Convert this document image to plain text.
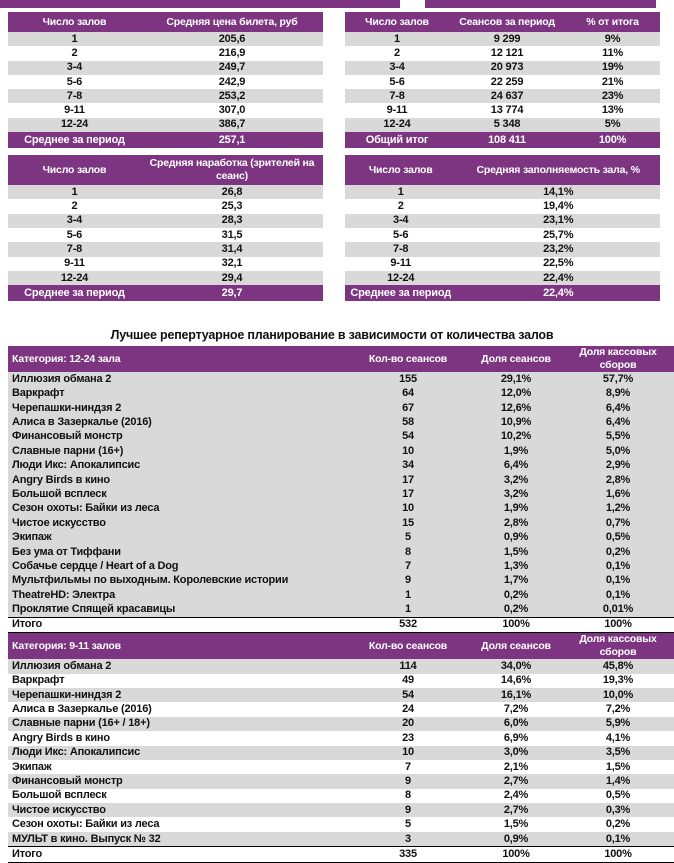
Число залов	Средняя цена билета, руб
1	205,6
2	216,9
3-4	249,7
5-6	242,9
7-8	253,2
9-11	307,0
12-24	386,7
Среднее за период	257,1
Число залов	Сеансов за период	% от итога
1	9 299	9%
2	12 121	11%
3-4	20 973	19%
5-6	22 259	21%
7-8	24 637	23%
9-11	13 774	13%
12-24	5 348	5%
Общий итог	108 411	100%
Число залов	Средняя наработка (зрителей на сеанс)
1	26,8
2	25,3
3-4	28,3
5-6	31,5
7-8	31,4
9-11	32,1
12-24	29,4
Среднее за период	29,7
Число залов	Средняя заполняемость зала, %
1	14,1%
2	19,4%
3-4	23,1%
5-6	25,7%
7-8	23,2%
9-11	22,5%
12-24	22,4%
Среднее за период	22,4%
Лучшее репертуарное планирование в зависимости от количества залов
Категория: 12-24 зала	Кол-во сеансов	Доля сеансов	Доля кассовых сборов
Иллюзия обмана 2	155	29,1%	57,7%
Варкрафт	64	12,0%	8,9%
Черепашки-ниндзя 2	67	12,6%	6,4%
Алиса в Зазеркалье (2016)	58	10,9%	6,4%
Финансовый монстр	54	10,2%	5,5%
Славные парни (16+)	10	1,9%	5,0%
Люди Икс: Апокалипсис	34	6,4%	2,9%
Angry Birds в кино	17	3,2%	2,8%
Большой всплеск	17	3,2%	1,6%
Сезон охоты: Байки из леса	10	1,9%	1,2%
Чистое искусство	15	2,8%	0,7%
Экипаж	5	0,9%	0,5%
Без ума от Тиффани	8	1,5%	0,2%
Собачье сердце / Heart of a Dog	7	1,3%	0,1%
Мультфильмы по выходным. Королевские истории	9	1,7%	0,1%
TheatreHD: Электра	1	0,2%	0,1%
Проклятие Спящей красавицы	1	0,2%	0,01%
Итого	532	100%	100%
Категория: 9-11 залов	Кол-во сеансов	Доля сеансов	Доля кассовых сборов
Иллюзия обмана 2	114	34,0%	45,8%
Варкрафт	49	14,6%	19,3%
Черепашки-ниндзя 2	54	16,1%	10,0%
Алиса в Зазеркалье (2016)	24	7,2%	7,2%
Славные парни (16+ / 18+)	20	6,0%	5,9%
Angry Birds в кино	23	6,9%	4,1%
Люди Икс: Апокалипсис	10	3,0%	3,5%
Экипаж	7	2,1%	1,5%
Финансовый монстр	9	2,7%	1,4%
Большой всплеск	8	2,4%	0,5%
Чистое искусство	9	2,7%	0,3%
Сезон охоты: Байки из леса	5	1,5%	0,2%
МУЛЬТ в кино. Выпуск № 32	3	0,9%	0,1%
Итого	335	100%	100%
